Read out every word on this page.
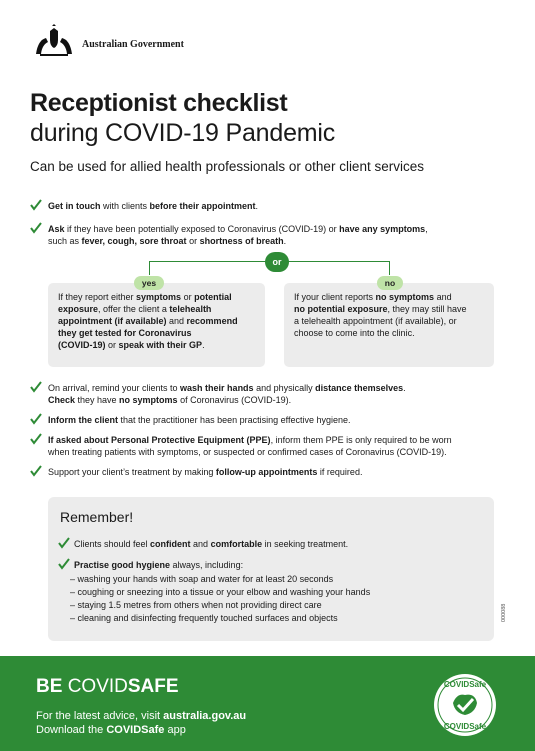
Australian Government
Receptionist checklist
during COVID-19 Pandemic
Can be used for allied health professionals or other client services
Get in touch with clients before their appointment.
Ask if they have been potentially exposed to Coronavirus (COVID-19) or have any symptoms,
such as fever, cough, sore throat or shortness of breath.
or
If they report either symptoms or potential
exposure, offer the client a telehealth
appointment (if available) and recommend
they get tested for Coronavirus
(COVID-19) or speak with their GP.
yes
If your client reports no symptoms and
no potential exposure, they may still have
a telehealth appointment (if available), or
choose to come into the clinic.
no
On arrival, remind your clients to wash their hands and physically distance themselves.
Check they have no symptoms of Coronavirus (COVID-19).
Inform the client that the practitioner has been practising effective hygiene.
If asked about Personal Protective Equipment (PPE), inform them PPE is only required to be worn
when treating patients with symptoms, or suspected or confirmed cases of Coronavirus (COVID-19).
Support your client’s treatment by making follow-up appointments if required.
Remember!
Clients should feel confident and comfortable in seeking treatment.
Practise good hygiene always, including:
– washing your hands with soap and water for at least 20 seconds
– coughing or sneezing into a tissue or your elbow and washing your hands
– staying 1.5 metres from others when not providing direct care
– cleaning and disinfecting frequently touched surfaces and objects	000088
BE COVIDSAFE
For the latest advice, visit australia.gov.au
Download the COVIDSafe app
COVIDSafe
COVIDSafe
